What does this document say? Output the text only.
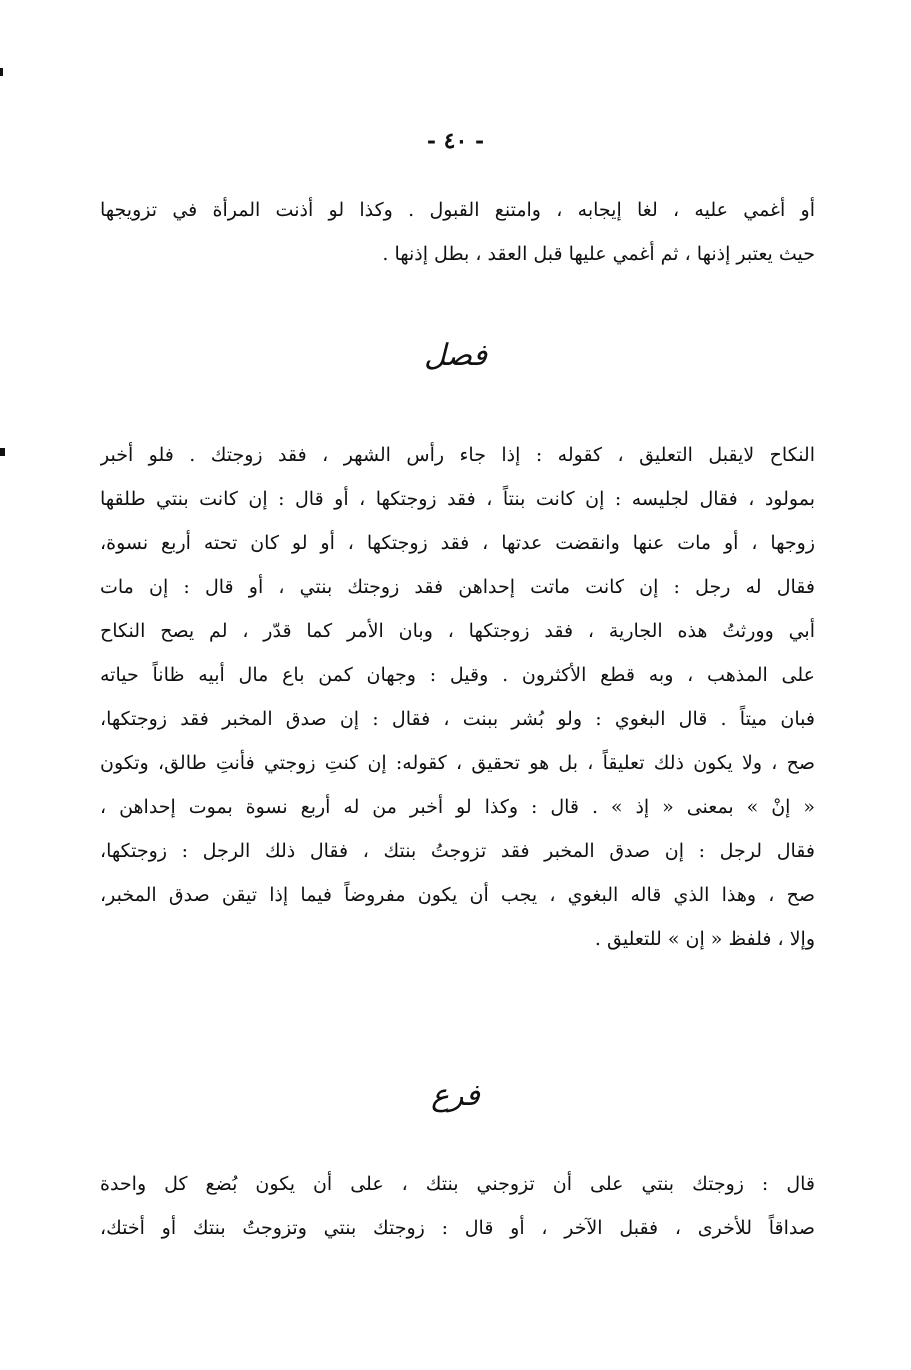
- ٤٠ -
أو أغمي عليه ، لغا إيجابه ، وامتنع القبول . وكذا لو أذنت المرأة في تزويجها
حيث يعتبر إذنها ، ثم أغمي عليها قبل العقد ، بطل إذنها .
فصل
النكاح لايقبل التعليق ، كقوله : إذا جاء رأس الشهر ، فقد زوجتك . فلو أخبر
بمولود ، فقال لجليسه : إن كانت بنتاً ، فقد زوجتكها ، أو قال : إن كانت بنتي طلقها
زوجها ، أو مات عنها وانقضت عدتها ، فقد زوجتكها ، أو لو كان تحته أربع نسوة،
فقال له رجل : إن كانت ماتت إحداهن فقد زوجتك بنتي ، أو قال : إن مات
أبي وورثتُ هذه الجارية ، فقد زوجتكها ، وبان الأمر كما قدّر ، لم يصح النكاح
على المذهب ، وبه قطع الأكثرون . وقيل : وجهان كمن باع مال أبيه ظاناً حياته
فبان ميتاً . قال البغوي : ولو بُشر ببنت ، فقال : إن صدق المخبر فقد زوجتكها،
صح ، ولا يكون ذلك تعليقاً ، بل هو تحقيق ، كقوله: إن كنتِ زوجتي فأنتِ طالق، وتكون
« إنْ » بمعنى « إذ » . قال : وكذا لو أخبر من له أربع نسوة بموت إحداهن ،
فقال لرجل : إن صدق المخبر فقد تزوجتُ بنتك ، فقال ذلك الرجل : زوجتكها،
صح ، وهذا الذي قاله البغوي ، يجب أن يكون مفروضاً فيما إذا تيقن صدق المخبر،
وإلا ، فلفظ « إن » للتعليق .
فرع
قال : زوجتك بنتي على أن تزوجني بنتك ، على أن يكون بُضع كل واحدة
صداقاً للأخرى ، فقبل الآخر ، أو قال : زوجتك بنتي وتزوجتُ بنتك أو أختك،
